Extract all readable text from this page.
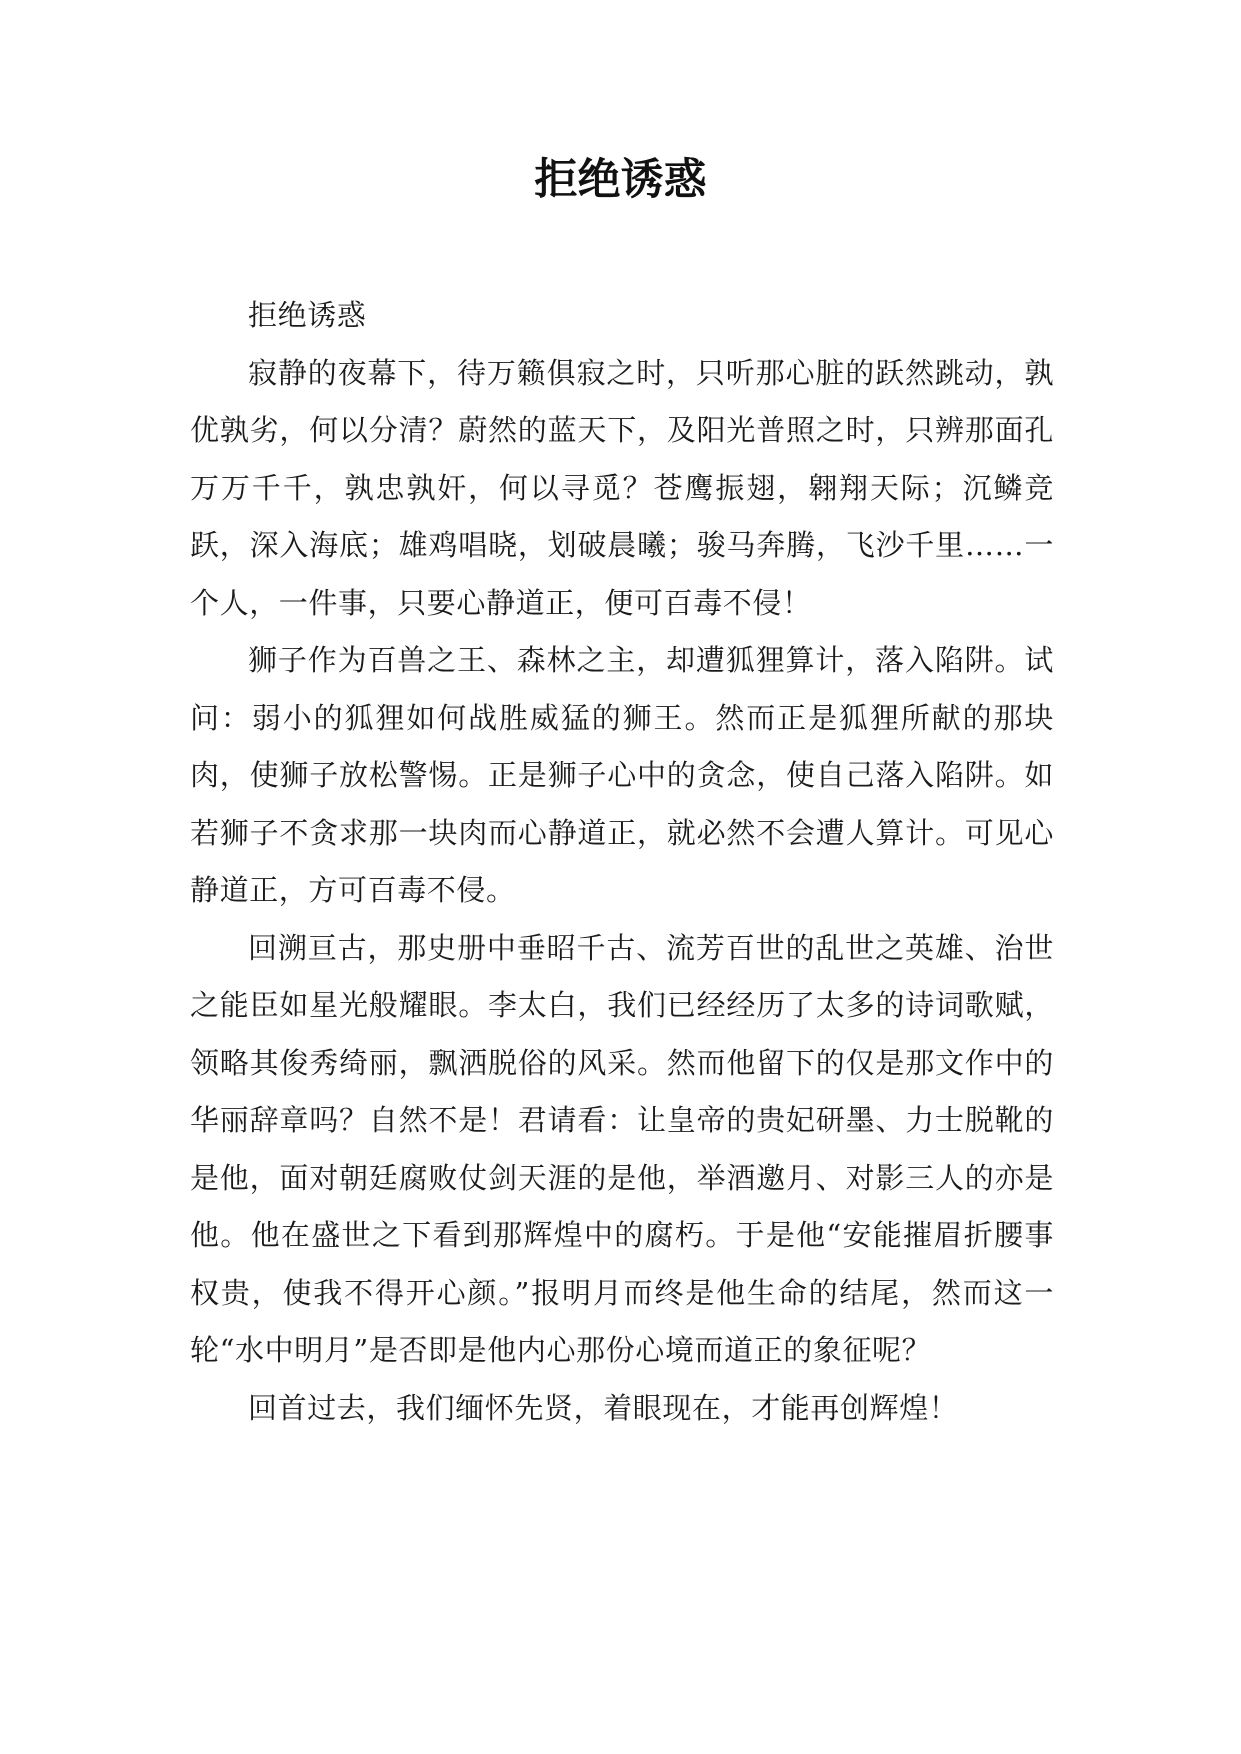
拒绝诱惑

拒绝诱惑

寂静的夜幕下，待万籁俱寂之时，只听那心脏的跃然跳动，孰优孰劣，何以分清？蔚然的蓝天下，及阳光普照之时，只辨那面孔万万千千，孰忠孰奸，何以寻觅？苍鹰振翅，翱翔天际；沉鳞竞跃，深入海底；雄鸡唱晓，划破晨曦；骏马奔腾，飞沙千里……一个人，一件事，只要心静道正，便可百毒不侵！

狮子作为百兽之王、森林之主，却遭狐狸算计，落入陷阱。试问：弱小的狐狸如何战胜威猛的狮王。然而正是狐狸所献的那块肉，使狮子放松警惕。正是狮子心中的贪念，使自己落入陷阱。如若狮子不贪求那一块肉而心静道正，就必然不会遭人算计。可见心静道正，方可百毒不侵。

回溯亘古，那史册中垂昭千古、流芳百世的乱世之英雄、治世之能臣如星光般耀眼。李太白，我们已经经历了太多的诗词歌赋，领略其俊秀绮丽，飘洒脱俗的风采。然而他留下的仅是那文作中的华丽辞章吗？自然不是！君请看：让皇帝的贵妃研墨、力士脱靴的是他，面对朝廷腐败仗剑天涯的是他，举酒邀月、对影三人的亦是他。他在盛世之下看到那辉煌中的腐朽。于是他“安能摧眉折腰事权贵，使我不得开心颜。”报明月而终是他生命的结尾，然而这一轮“水中明月”是否即是他内心那份心境而道正的象征呢？

回首过去，我们缅怀先贤，着眼现在，才能再创辉煌！
